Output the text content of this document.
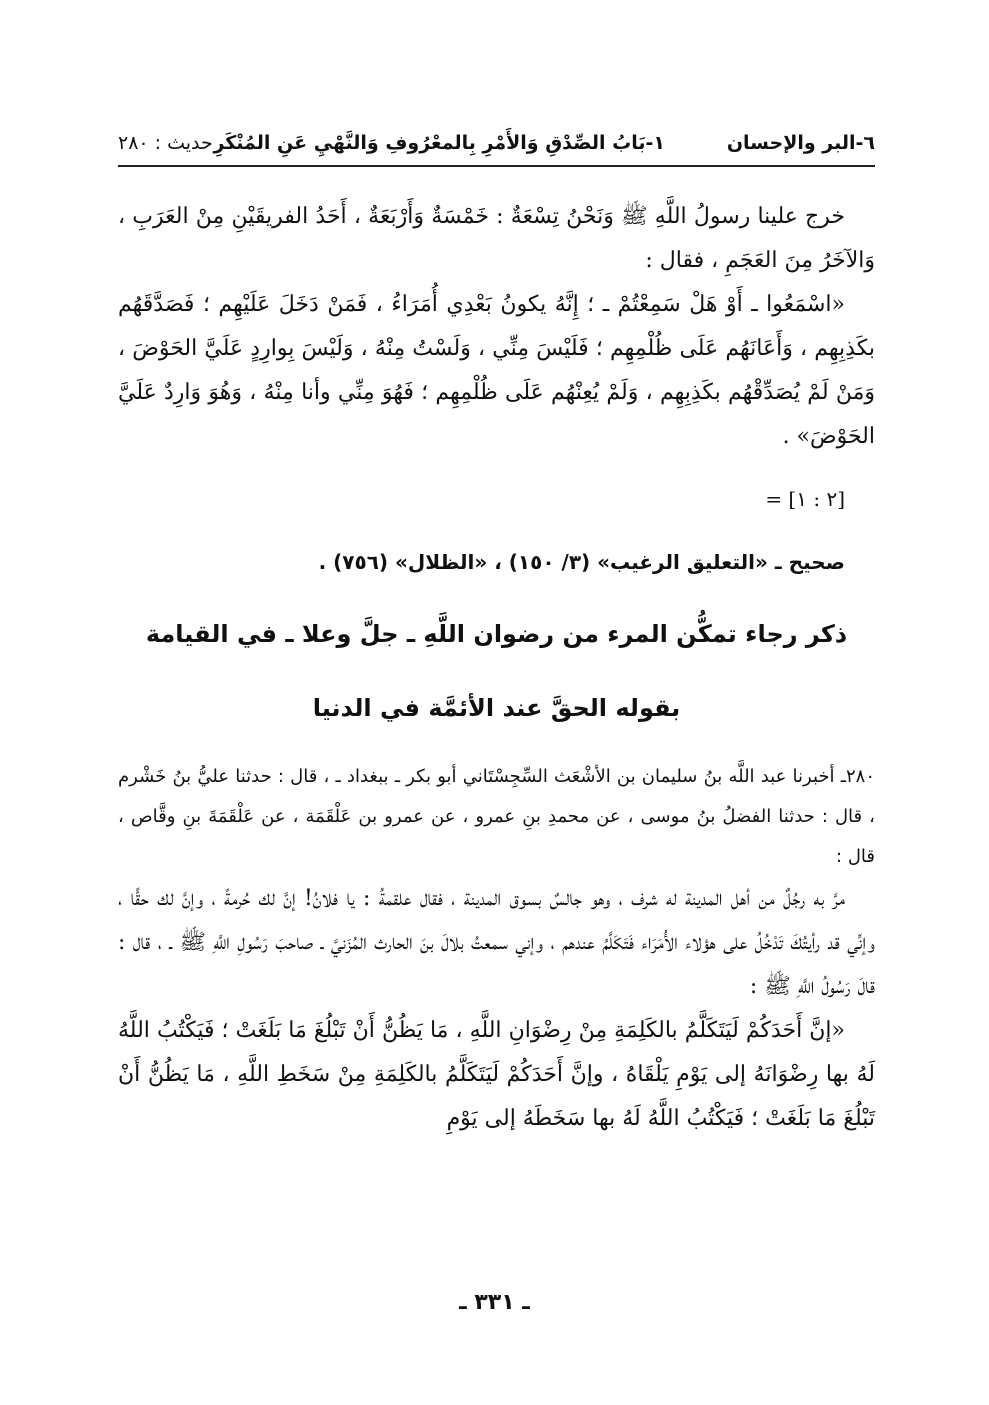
٦-البر والإحسان
١-بَابُ الصِّدْقِ وَالأَمْرِ بِالمعْرُوفِ وَالنَّهْيِ عَنِ المُنْكَرِ
حديث : ٢٨٠

خرج علينا رسولُ اللَّهِ ﷺ وَنَحْنُ تِسْعَةٌ : خَمْسَةٌ وَأَرْبَعَةٌ ، أَحَدُ الفريقَيْنِ مِنْ العَرَبِ ، وَالآخَرُ مِنَ العَجَمِ ، فقال :

«اسْمَعُوا ـ أَوْ هَلْ سَمِعْتُمْ ـ ؛ إِنَّهُ يكونُ بَعْدِي أُمَرَاءُ ، فَمَنْ دَخَلَ عَلَيْهِم ؛ فَصَدَّقَهُم بكَذِبِهِم ، وَأَعَانَهُم عَلَى ظُلْمِهِم ؛ فَلَيْسَ مِنِّي ، وَلَسْتُ مِنْهُ ، وَلَيْسَ بِوارِدٍ عَلَيَّ الحَوْضَ ، وَمَنْ لَمْ يُصَدِّقْهُم بكَذِبِهِم ، وَلَمْ يُعِنْهُم عَلَى ظُلْمِهِم ؛ فَهُوَ مِنِّي وأنا مِنْهُ ، وَهُوَ وَارِدٌ عَلَيَّ الحَوْضَ» .

[٢ : ١] =

صحيح ـ «التعليق الرغيب» (٣/ ١٥٠) ، «الظلال» (٧٥٦) .

ذكر رجاء تمكُّن المرء من رضوان اللَّهِ ـ جلَّ وعلا ـ في القيامة

بقوله الحقَّ عند الأئمَّة في الدنيا

٢٨٠ـ أخبرنا عبد اللَّه بنُ سليمان بن الأشْعَث السِّجِسْتَاني أبو بكر ـ ببغداد ـ ، قال : حدثنا عليُّ بنُ خَشْرم ، قال : حدثنا الفضلُ بنُ موسى ، عن محمدِ بنِ عمرو ، عن عمرو بن عَلْقَمَة ، عن عَلْقَمَةَ بنِ وقَّاص ، قال :

مرَّ به رجُلٌ من أهل المدينة له شرف ، وهو جالسٌ بسوق المدينة ، فقال علقمةُ : يا فلانُ! إنَّ لك حُرمةً ، وإنَّ لك حقًّا ، وإنِّي قد رأيتُكَ تَدْخُلُ على هؤلاء الأُمَرَاء فَتَكَلَّمُ عندهم ، وإني سمعتُ بلالَ بنَ الحارث المُزَنيَّ ـ صاحبَ رَسُولِ اللَّهِ ﷺ ـ ، قال : قالَ رَسُولُ اللَّهِ ﷺ :

«إنَّ أَحَدَكُمْ لَيَتَكَلَّمُ بالكَلِمَةِ مِنْ رِضْوَانِ اللَّهِ ، مَا يَظُنُّ أَنْ تَبْلُغَ مَا بَلَغَتْ ؛ فَيَكْتُبُ اللَّهُ لَهُ بها رِضْوَانَهُ إلى يَوْمِ يَلْقَاهُ ، وإنَّ أَحَدَكُمْ لَيَتَكَلَّمُ بالكَلِمَةِ مِنْ سَخَطِ اللَّهِ ، مَا يَظُنُّ أَنْ تَبْلُغَ مَا بَلَغَتْ ؛ فَيَكْتُبُ اللَّهُ لَهُ بها سَخَطَهُ إلى يَوْمِ

ـ ٣٣١ ـ
